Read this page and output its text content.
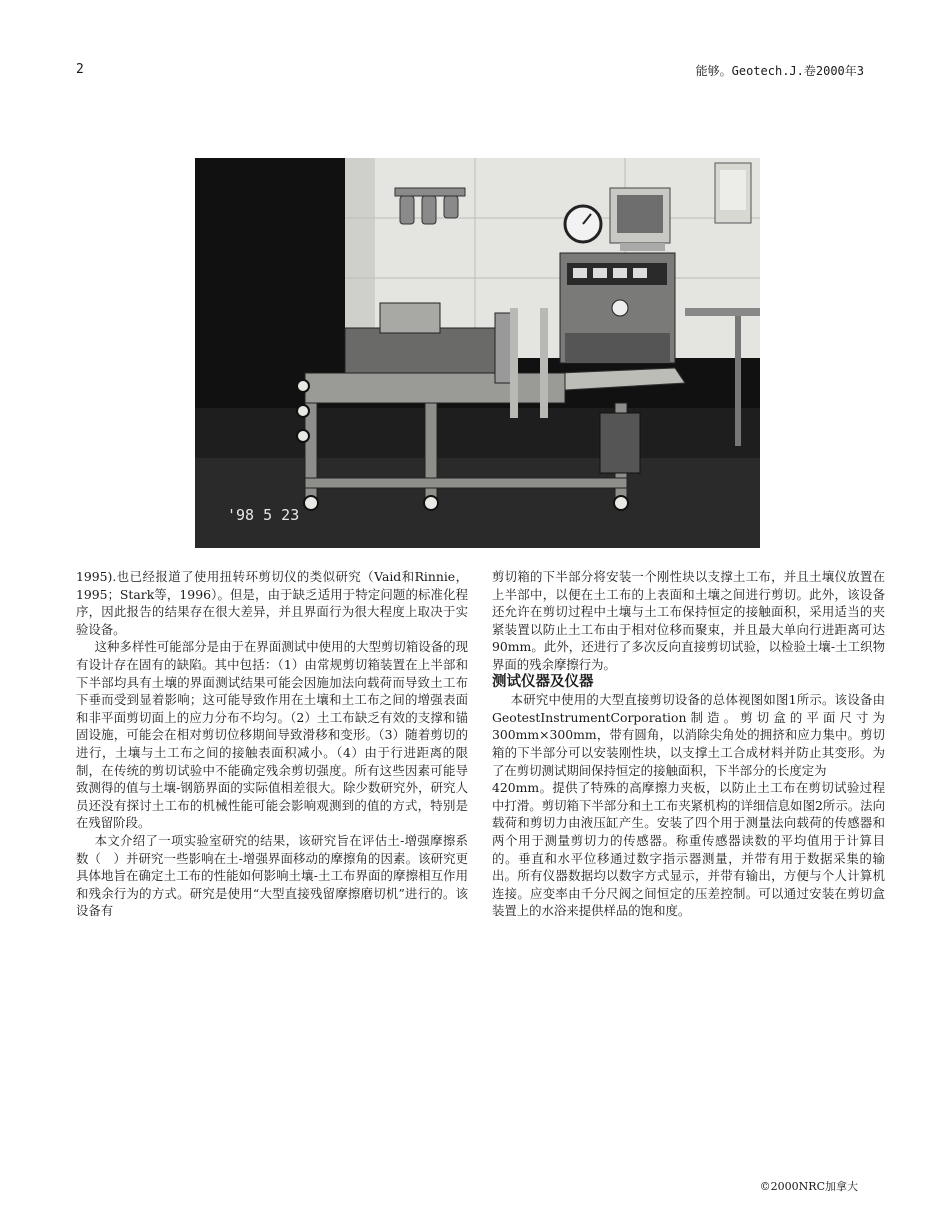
2	能够。Geotech.J.卷2000年3
'98 5 23

1995).也已经报道了使用扭转环剪切仪的类似研究（Vaid和Rinnie，1995；Stark等，1996）。但是，由于缺乏适用于特定问题的标准化程序，因此报告的结果存在很大差异，并且界面行为很大程度上取决于实验设备。

这种多样性可能部分是由于在界面测试中使用的大型剪切箱设备的现有设计存在固有的缺陷。其中包括：（1）由常规剪切箱装置在上半部和下半部均具有土壤的界面测试结果可能会因施加法向载荷而导致土工布下垂而受到显着影响；这可能导致作用在土壤和土工布之间的增强表面和非平面剪切面上的应力分布不均匀。（2）土工布缺乏有效的支撑和锚固设施，可能会在相对剪切位移期间导致滑移和变形。（3）随着剪切的进行，土壤与土工布之间的接触表面积减小。（4）由于行进距离的限制，在传统的剪切试验中不能确定残余剪切强度。所有这些因素可能导致测得的值与土壤-钢筋界面的实际值相差很大。除少数研究外，研究人员还没有探讨土工布的机械性能可能会影响观测到的值的方式，特别是在残留阶段。

本文介绍了一项实验室研究的结果，该研究旨在评估土-增强摩擦系数（　）并研究一些影响在土-增强界面移动的摩擦角的因素。该研究更具体地旨在确定土工布的性能如何影响土壤-土工布界面的摩擦相互作用和残余行为的方式。研究是使用“大型直接残留摩擦磨切机”进行的。该设备有

剪切箱的下半部分将安装一个刚性块以支撑土工布，并且土壤仪放置在上半部中，以便在土工布的上表面和土壤之间进行剪切。此外，该设备还允许在剪切过程中土壤与土工布保持恒定的接触面积，采用适当的夹紧装置以防止土工布由于相对位移而聚束，并且最大单向行进距离可达90mm。此外，还进行了多次反向直接剪切试验，以检验土壤-土工织物界面的残余摩擦行为。

测试仪器及仪器

本研究中使用的大型直接剪切设备的总体视图如图1所示。该设备由GeotestInstrumentCorporation制造。剪切盒的平面尺寸为300mm×300mm，带有圆角，以消除尖角处的拥挤和应力集中。剪切箱的下半部分可以安装刚性块，以支撑土工合成材料并防止其变形。为了在剪切测试期间保持恒定的接触面积，下半部分的长度定为

420mm。提供了特殊的高摩擦力夹板，以防止土工布在剪切试验过程中打滑。剪切箱下半部分和土工布夹紧机构的详细信息如图2所示。法向载荷和剪切力由液压缸产生。安装了四个用于测量法向载荷的传感器和两个用于测量剪切力的传感器。称重传感器读数的平均值用于计算目的。垂直和水平位移通过数字指示器测量，并带有用于数据采集的输出。所有仪器数据均以数字方式显示，并带有输出，方便与个人计算机连接。应变率由千分尺阀之间恒定的压差控制。可以通过安装在剪切盒装置上的水浴来提供样品的饱和度。

©2000NRC加拿大
